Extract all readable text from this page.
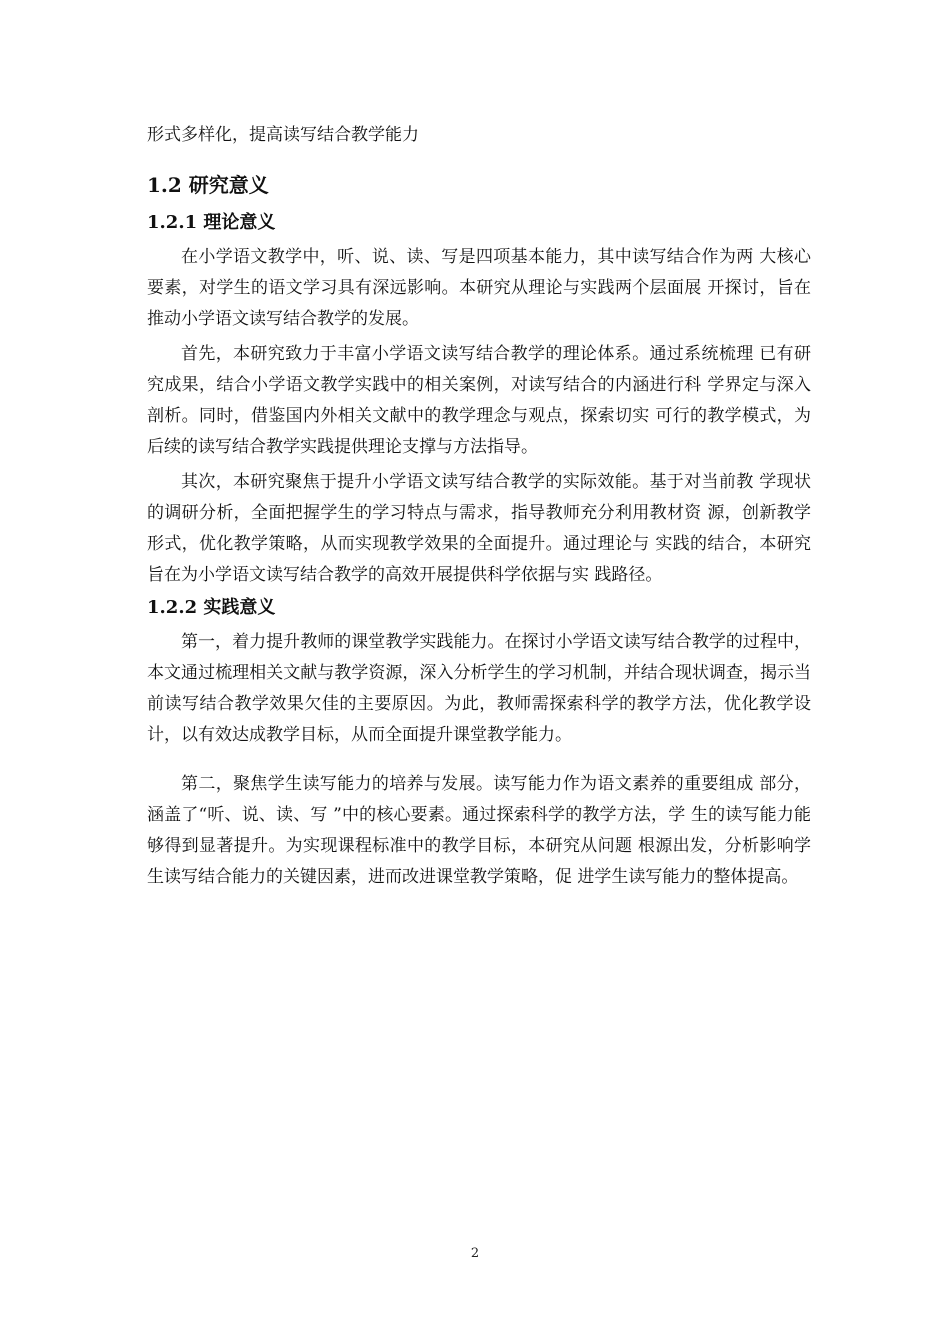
形式多样化，提高读写结合教学能力

1.2 研究意义
1.2.1 理论意义

在小学语文教学中，听、说、读、写是四项基本能力，其中读写结合作为两 大核心要素，对学生的语文学习具有深远影响。本研究从理论与实践两个层面展 开探讨，旨在推动小学语文读写结合教学的发展。

首先，本研究致力于丰富小学语文读写结合教学的理论体系。通过系统梳理 已有研究成果，结合小学语文教学实践中的相关案例，对读写结合的内涵进行科 学界定与深入剖析。同时，借鉴国内外相关文献中的教学理念与观点，探索切实 可行的教学模式，为后续的读写结合教学实践提供理论支撑与方法指导。

其次，本研究聚焦于提升小学语文读写结合教学的实际效能。基于对当前教 学现状的调研分析，全面把握学生的学习特点与需求，指导教师充分利用教材资 源，创新教学形式，优化教学策略，从而实现教学效果的全面提升。通过理论与 实践的结合，本研究旨在为小学语文读写结合教学的高效开展提供科学依据与实 践路径。

1.2.2 实践意义

第一，着力提升教师的课堂教学实践能力。在探讨小学语文读写结合教学的过程中，本文通过梳理相关文献与教学资源，深入分析学生的学习机制，并结合现状调查，揭示当前读写结合教学效果欠佳的主要原因。为此，教师需探索科学的教学方法，优化教学设计，以有效达成教学目标，从而全面提升课堂教学能力。

第二，聚焦学生读写能力的培养与发展。读写能力作为语文素养的重要组成 部分，涵盖了“听、说、读、写 ”中的核心要素。通过探索科学的教学方法，学 生的读写能力能够得到显著提升。为实现课程标准中的教学目标，本研究从问题 根源出发，分析影响学生读写结合能力的关键因素，进而改进课堂教学策略，促 进学生读写能力的整体提高。

2
